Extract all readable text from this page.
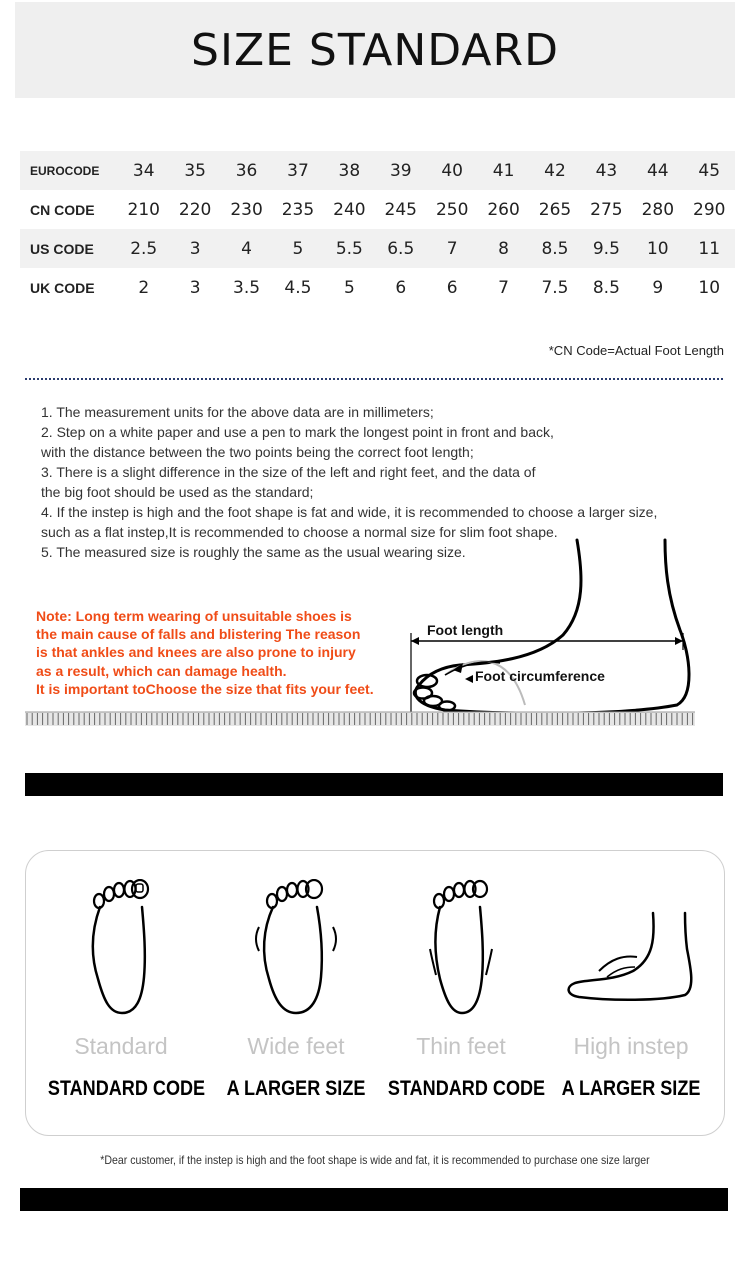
SIZE STANDARD
EUROCODE	34	35	36	37	38	39	40	41	42	43	44	45
CN CODE	210	220	230	235	240	245	250	260	265	275	280	290
US CODE	2.5	3	4	5	5.5	6.5	7	8	8.5	9.5	10	11
UK CODE	2	3	3.5	4.5	5	6	6	7	7.5	8.5	9	10
*CN Code=Actual Foot Length
1. The measurement units for the above data are in millimeters;
2. Step on a white paper and use a pen to mark the longest point in front and back,
with the distance between the two points being the correct foot length;
3. There is a slight difference in the size of the left and right feet, and the data of
the big foot should be used as the standard;
4. If the instep is high and the foot shape is fat and wide, it is recommended to choose a larger size,
such as a flat instep,It is recommended to choose a normal size for slim foot shape.
5. The measured size is roughly the same as the usual wearing size.
Note: Long term wearing of unsuitable shoes is
the main cause of falls and blistering The reason
is that ankles and knees are also prone to injury
as a result, which can damage health.
It is important toChoose the size that fits your feet.
Foot length
Foot circumference
Standard	Wide feet	Thin feet	High instep
STANDARD CODE A LARGER SIZE STANDARD CODE A LARGER SIZE
*Dear customer, if the instep is high and the foot shape is wide and fat, it is recommended to purchase one size larger
